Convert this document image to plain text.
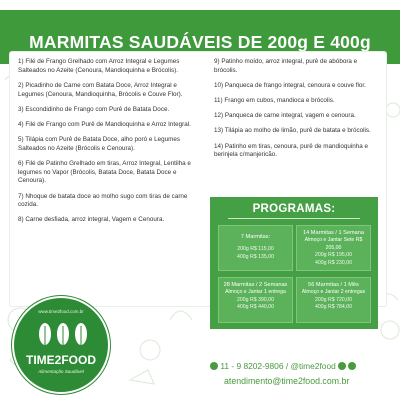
MARMITAS SAUDÁVEIS DE 200g E 400g

1) Filé de Frango Grelhado com Arroz Integral e Legumes Salteados no Azeite (Cenoura, Mandioquinha e Brócolis).

2) Picadinho de Carne com Batata Doce, Arroz Integral e Legumes (Cenoura, Mandioquinha, Brócolis e Couve Flor).

3) Escondidinho de Frango com Purê de Batata Doce.

4) Filé de Frango com Purê de Mandioquinha e Arroz Integral.

5) Tilápia com Purê de Batata Doce, alho poró e Legumes Salteados no Azeite (Brócolis e Cenoura).

6) Filé de Patinho Grelhado em tiras, Arroz Integral, Lentilha e legumes no Vapor (Brócolis, Batata Doce, Batata Doce e Cenoura).

7) Nhoque de batata doce ao molho sugo com tiras de carne cozida.

8) Carne desfiada, arroz integral, Vagem e Cenoura.

9) Patinho moído, arroz integral, purê de abóbora e brócolis.

10) Panqueca de frango integral, cenoura e couve flor.

11) Frango em cubos, mandioca e brócolis.

12) Panqueca de carne integral, vagem e cenoura.

13) Tilápia ao molho de limão, purê de batata e brócolis.

14) Patinho em tiras, cenoura, purê de mandioquinha e berinjela c/manjericão.

PROGRAMAS:
7 Marmitas:
200g R$ 115,00
400g R$ 135,00
14 Marmitas / 1 Semana
Almoço e Jantar Sete R$ 205,00
200g R$ 195,00
400g R$ 230,00
28 Marmitas / 2 Semanas
Almoço e Jantar 1 entrega
200g R$ 390,00
400g R$ 440,00
56 Marmitas / 1 Mês
Almoço e Jantar 2 entregas
200g R$ 720,00
400g R$ 784,00
www.time2food.com.br
TIME2FOOD
Alimentação Saudável
11 - 9 8202-9806 / @time2food
atendimento@time2food.com.br
